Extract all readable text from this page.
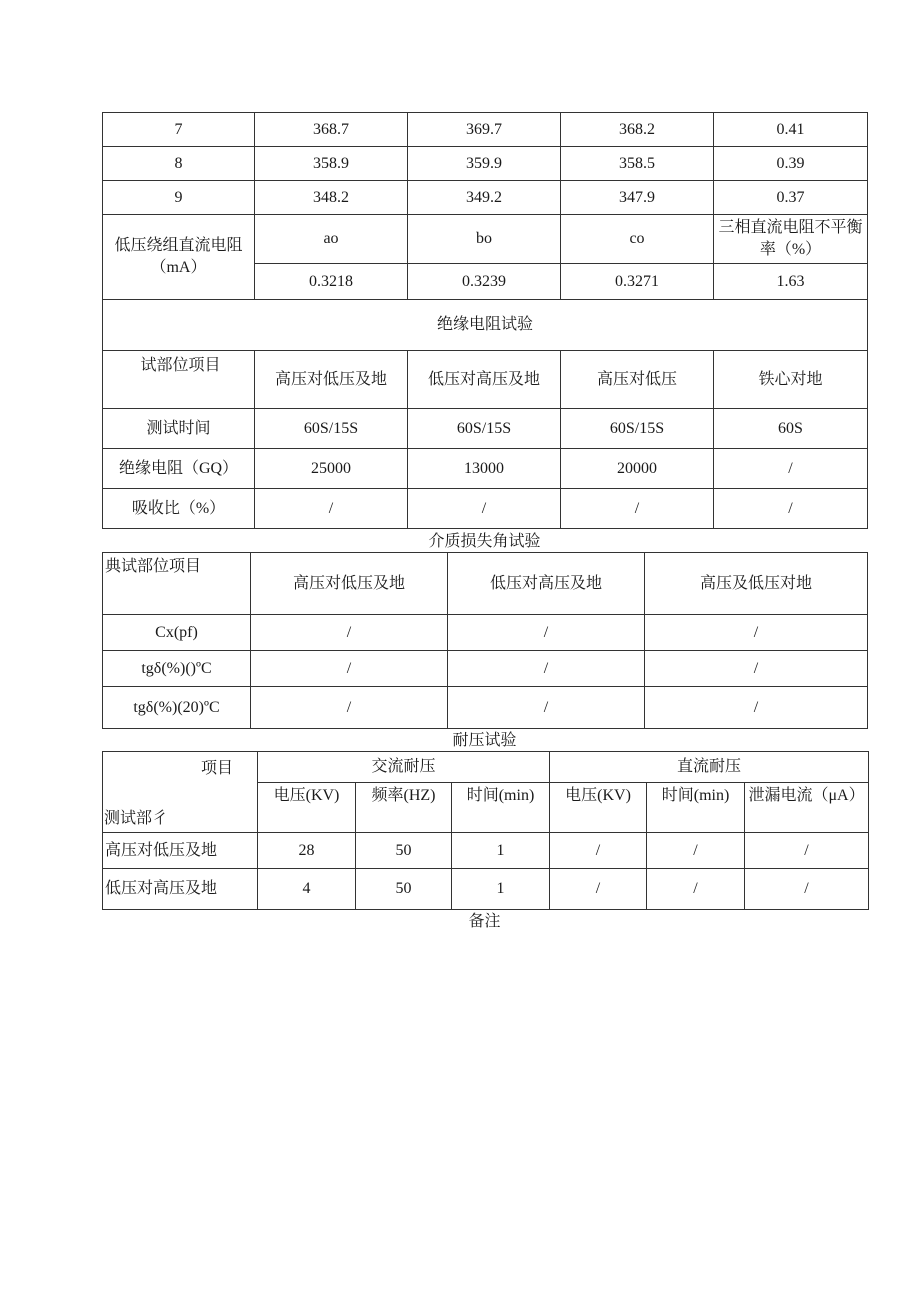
7	368.7	369.7	368.2	0.41
8	358.9	359.9	358.5	0.39
9	348.2	349.2	347.9	0.37
低压绕组直流电阻（mA）	ao	bo	co	三相直流电阻不平衡率（%）
	0.3218	0.3239	0.3271	1.63
绝缘电阻试验				
试部位项目	高压对低压及地	低压对高压及地	高压对低压	铁心对地
测试时间	60S/15S	60S/15S	60S/15S	60S
绝缘电阻（GQ）	25000	13000	20000	/
吸收比（%）	/	/	/	/
介质损失角试验
典试部位项目	高压对低压及地	低压对高压及地	高压及低压对地
Cx(pf)	/	/	/
tgδ(%)()ºC	/	/	/
tgδ(%)(20)ºC	/	/	/
耐压试验
项目
测试部彳	交流耐压			直流耐压		
	电压(KV)	频率(HZ)	时间(min)	电压(KV)	时间(min)	泄漏电流（μA）
高压对低压及地	28	50	1	/	/	/
低压对高压及地	4	50	1	/	/	/
备注
